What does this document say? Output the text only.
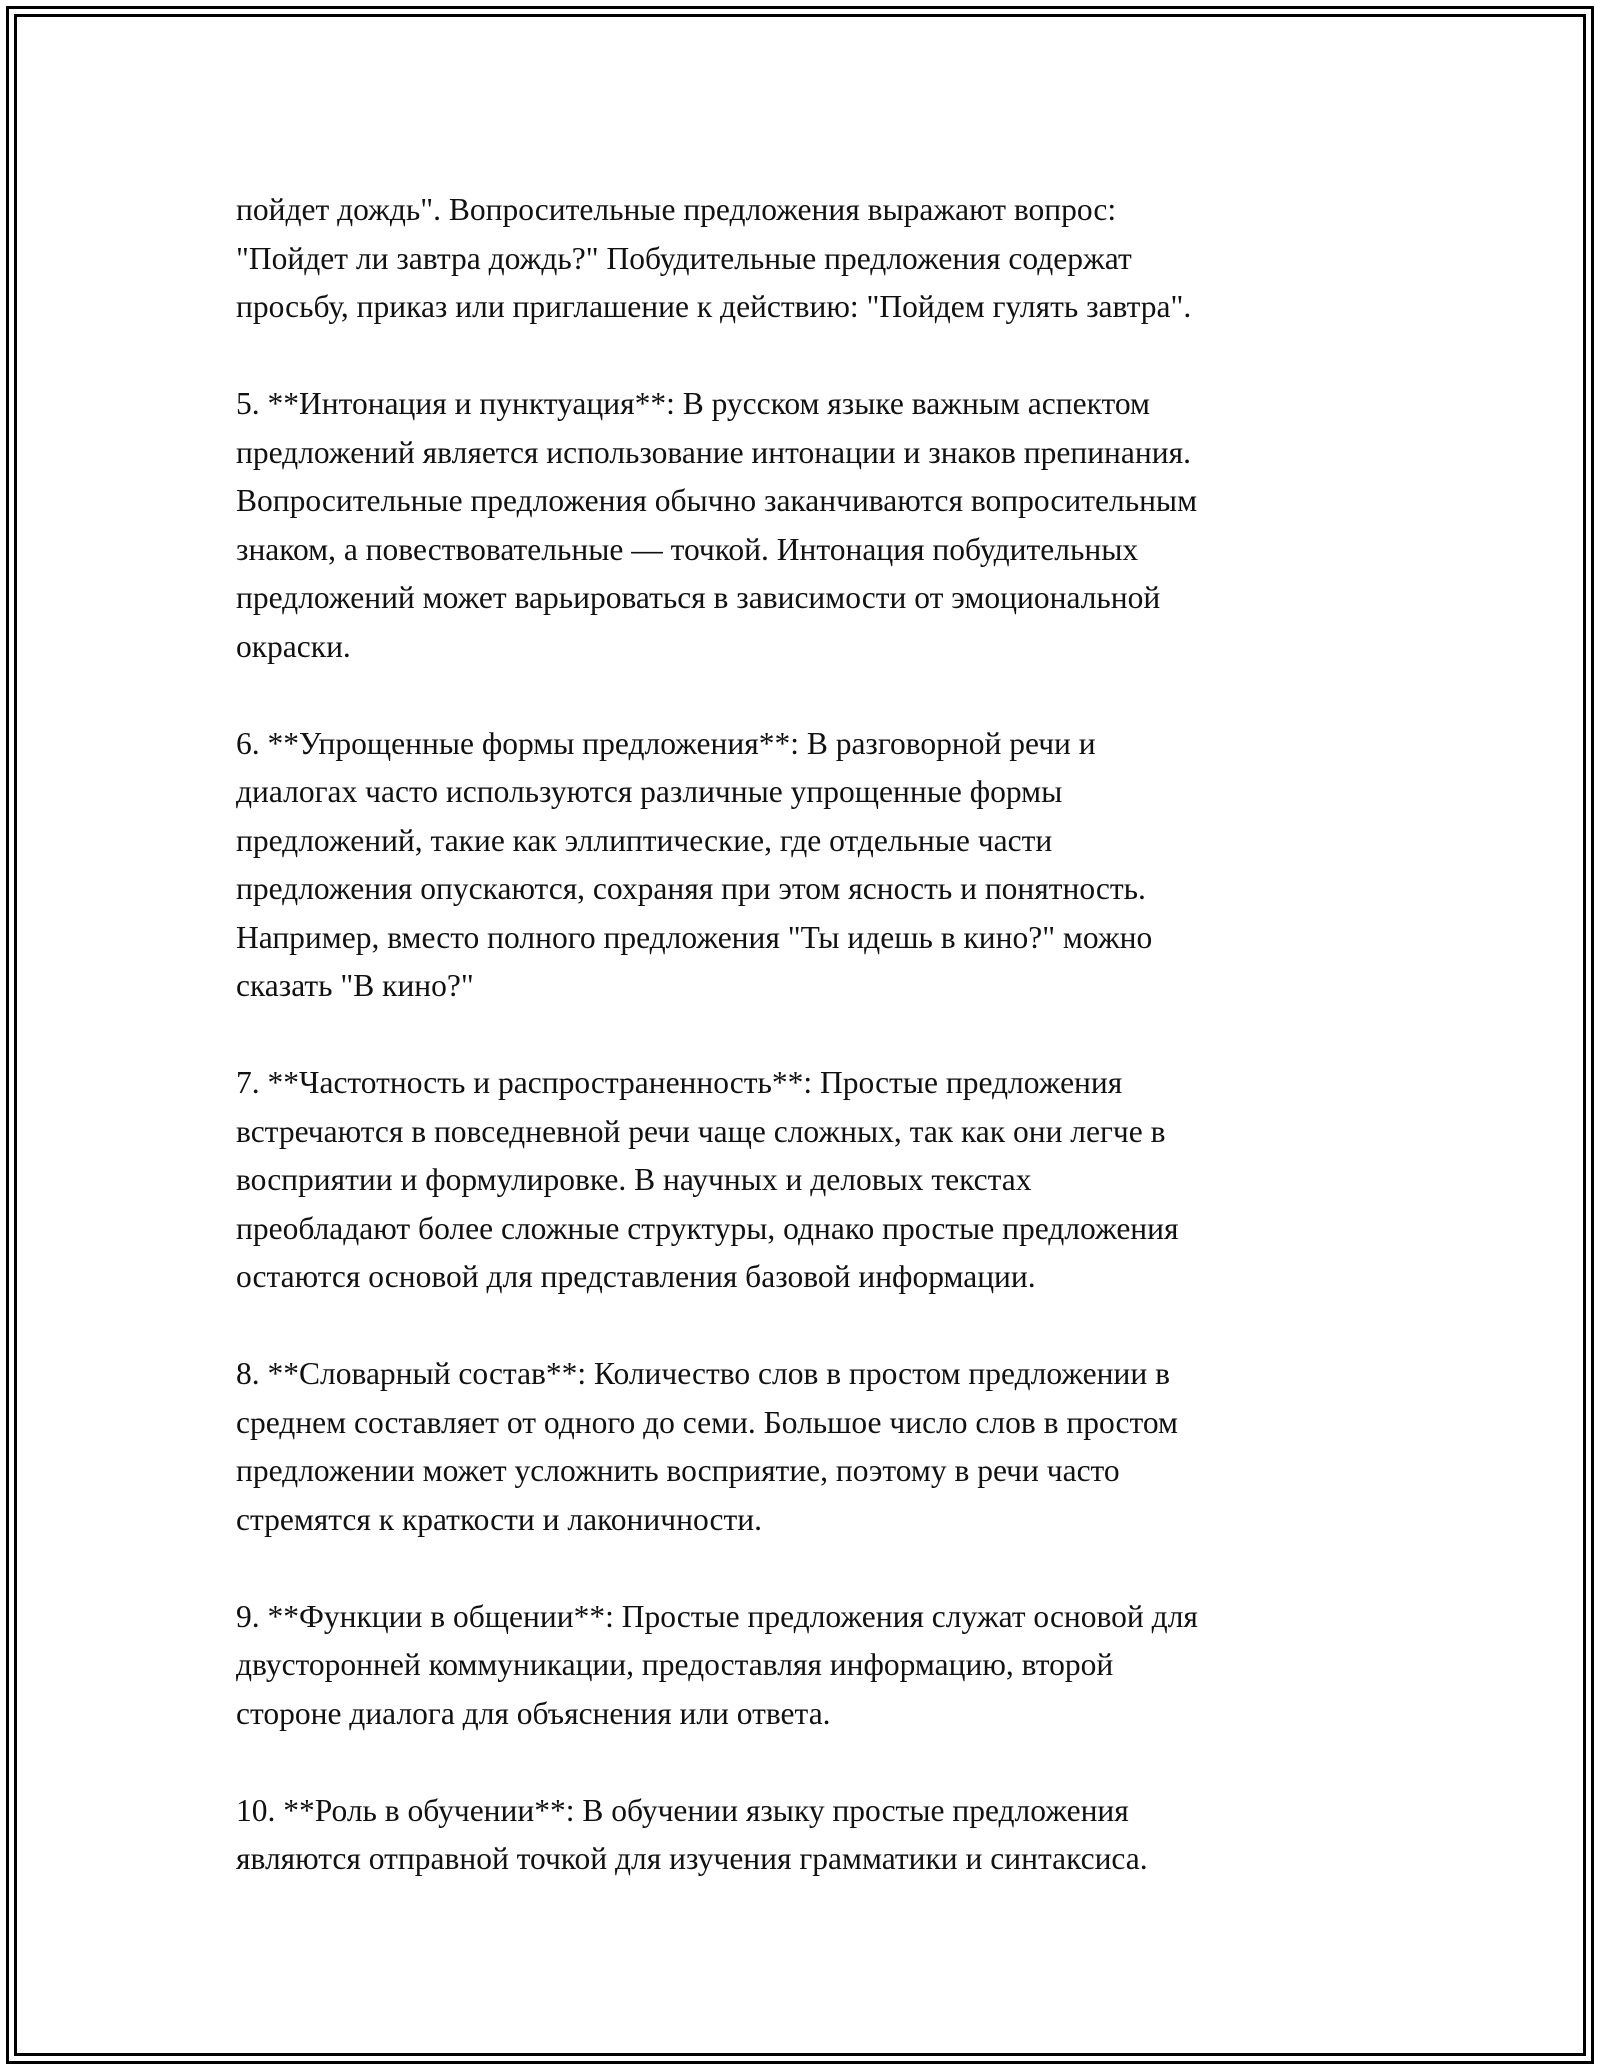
пойдет дождь". Вопросительные предложения выражают вопрос:
"Пойдет ли завтра дождь?" Побудительные предложения содержат
просьбу, приказ или приглашение к действию: "Пойдем гулять завтра".

5. **Интонация и пунктуация**: В русском языке важным аспектом
предложений является использование интонации и знаков препинания.
Вопросительные предложения обычно заканчиваются вопросительным
знаком, а повествовательные — точкой. Интонация побудительных
предложений может варьироваться в зависимости от эмоциональной
окраски.

6. **Упрощенные формы предложения**: В разговорной речи и
диалогах часто используются различные упрощенные формы
предложений, такие как эллиптические, где отдельные части
предложения опускаются, сохраняя при этом ясность и понятность.
Например, вместо полного предложения "Ты идешь в кино?" можно
сказать "В кино?"

7. **Частотность и распространенность**: Простые предложения
встречаются в повседневной речи чаще сложных, так как они легче в
восприятии и формулировке. В научных и деловых текстах
преобладают более сложные структуры, однако простые предложения
остаются основой для представления базовой информации.

8. **Словарный состав**: Количество слов в простом предложении в
среднем составляет от одного до семи. Большое число слов в простом
предложении может усложнить восприятие, поэтому в речи часто
стремятся к краткости и лаконичности.

9. **Функции в общении**: Простые предложения служат основой для
двусторонней коммуникации, предоставляя информацию, второй
стороне диалога для объяснения или ответа.

10. **Роль в обучении**: В обучении языку простые предложения
являются отправной точкой для изучения грамматики и синтаксиса.
